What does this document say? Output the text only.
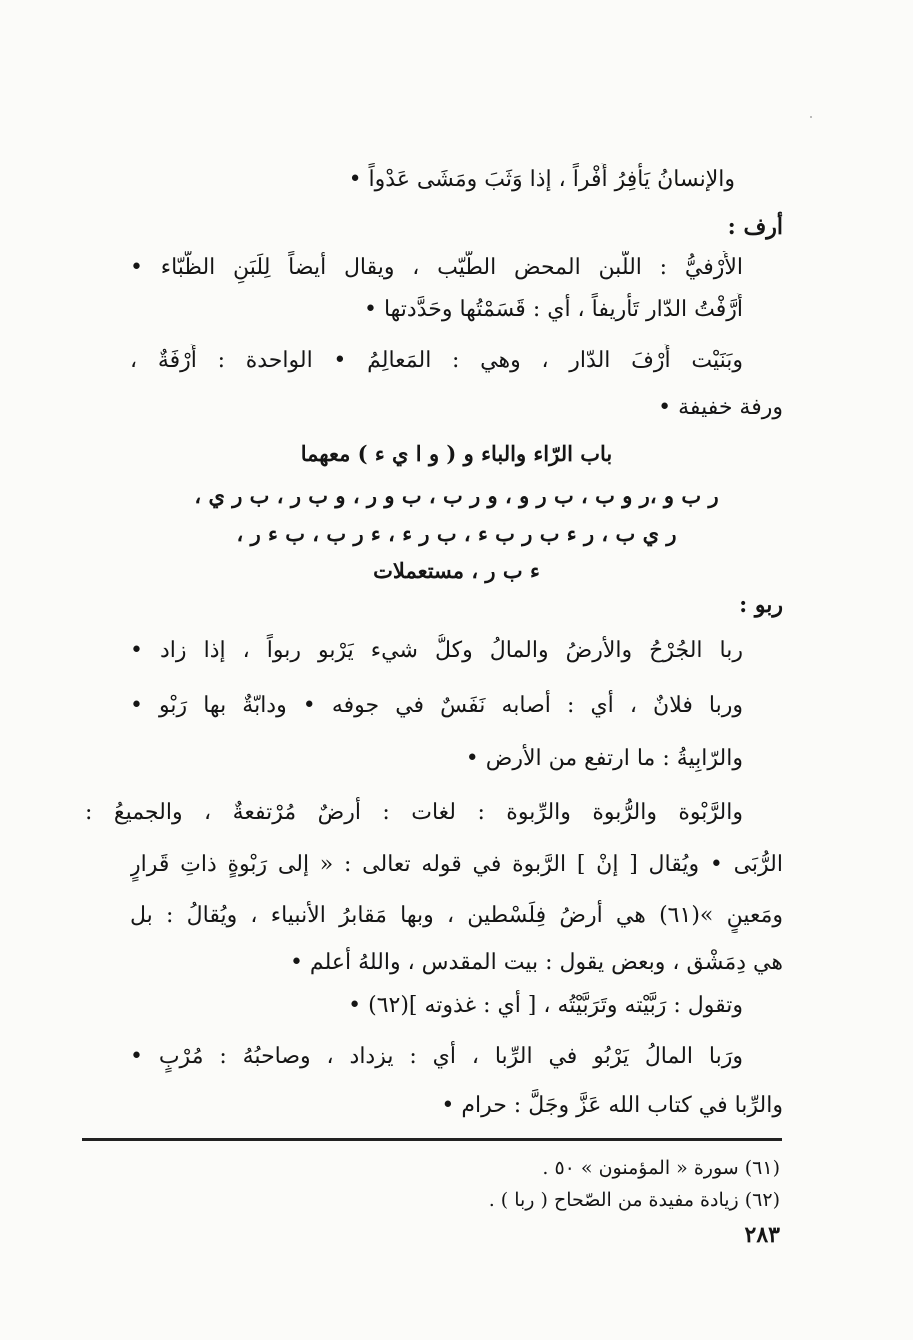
والإنسانُ يَأْفِرُ أَفْراً ، إذا وَثَبَ ومَشَى عَدْواً •
أرف :
الأُرْفيُّ : اللّبن المحض الطّيّب ، ويقال أيضاً لِلَبَنِ الظّبّاء •
أَرَّفْتُ الدّار تَأْريفاً ، أي : قَسَمْتُها وحَدَّدتها •
وبَنَيْت أُرْفَ الدّار ، وهي : المَعالِمُ • الواحدة : أُرْفَةٌ ،
ورفة خفيفة •
باب الرّاء والباء و ( و ا ي ء ) معهما
ر ب و ،ر و ب ، ب ر و ، و ر ب ، ب و ر ، و ب ر ، ب ر ي ،
ر ي ب ، ر ء ب ر ب ء ، ب ر ء ، ء ر ب ، ب ء ر ،
ء ب ر ، مستعملات
ربو :
ربا الجُرْحُ والأرضُ والمالُ وكلُّ شيء يَرْبو ربواً ، إذا زاد •
وربا فلانٌ ، أي : أصابه نَفَسٌ في جوفه • ودابّةٌ بها رَبْو •
والرّابِيةُ : ما ارتفع من الأرض •
والرَّبْوة والرُّبوة والرِّبوة : لغات : أرضٌ مُرْتفعةٌ ، والجميعُ :
الرُّبَى • ويُقال [ إنْ ] الرَّبوة في قوله تعالى : « إلى رَبْوةٍ ذاتِ قَرارٍ
ومَعينٍ »(٦١) هي أرضُ فِلَسْطين ، وبها مَقابرُ الأنبياء ، ويُقالُ : بل
هي دِمَشْق ، وبعض يقول : بيت المقدس ، واللهُ أعلم •
وتقول : رَبَّيْته وتَرَبَّيْتُه ، [ أي : غذوته ](٦٢) •
ورَبا المالُ يَرْبُو في الرِّبا ، أي : يزداد ، وصاحبُهُ : مُرْبٍ •
والرِّبا في كتاب الله عَزَّ وجَلَّ : حرام •
(٦١) سورة « المؤمنون » ٥٠ .
(٦٢) زيادة مفيدة من الصّحاح ( ربا ) .
٢٨٣
